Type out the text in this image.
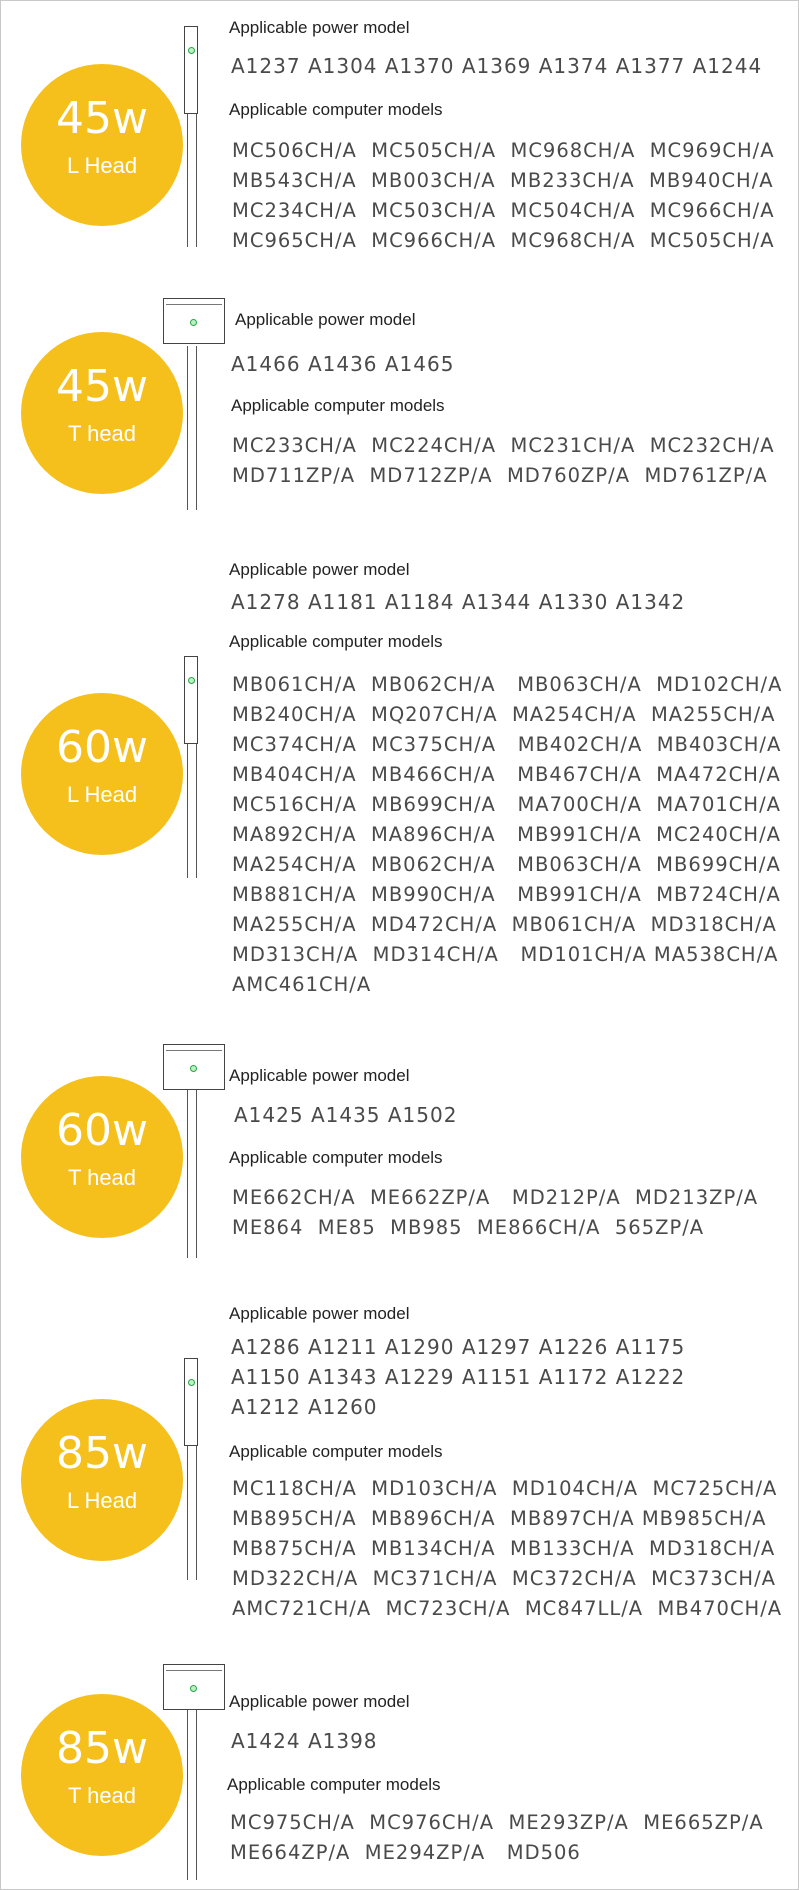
45w
L Head
Applicable power model
A1237 A1304 A1370 A1369 A1374 A1377 A1244
Applicable computer models
MC506CH/A  MC505CH/A  MC968CH/A  MC969CH/A
MB543CH/A  MB003CH/A  MB233CH/A  MB940CH/A
MC234CH/A  MC503CH/A  MC504CH/A  MC966CH/A
MC965CH/A  MC966CH/A  MC968CH/A  MC505CH/A
45w
T head
Applicable power model
A1466 A1436 A1465
Applicable computer models
MC233CH/A  MC224CH/A  MC231CH/A  MC232CH/A
MD711ZP/A  MD712ZP/A  MD760ZP/A  MD761ZP/A
60w
L Head
Applicable power model
A1278 A1181 A1184 A1344 A1330 A1342
Applicable computer models
MB061CH/A  MB062CH/A   MB063CH/A  MD102CH/A
MB240CH/A  MQ207CH/A  MA254CH/A  MA255CH/A
MC374CH/A  MC375CH/A   MB402CH/A  MB403CH/A
MB404CH/A  MB466CH/A   MB467CH/A  MA472CH/A
MC516CH/A  MB699CH/A   MA700CH/A  MA701CH/A
MA892CH/A  MA896CH/A   MB991CH/A  MC240CH/A
MA254CH/A  MB062CH/A   MB063CH/A  MB699CH/A
MB881CH/A  MB990CH/A   MB991CH/A  MB724CH/A
MA255CH/A  MD472CH/A  MB061CH/A  MD318CH/A
MD313CH/A  MD314CH/A   MD101CH/A MA538CH/A
AMC461CH/A
60w
T head
Applicable power model
A1425 A1435 A1502
Applicable computer models
ME662CH/A  ME662ZP/A   MD212P/A  MD213ZP/A
ME864  ME85  MB985  ME866CH/A  565ZP/A
85w
L Head
Applicable power model
A1286 A1211 A1290 A1297 A1226 A1175
A1150 A1343 A1229 A1151 A1172 A1222
A1212 A1260
Applicable computer models
MC118CH/A  MD103CH/A  MD104CH/A  MC725CH/A
MB895CH/A  MB896CH/A  MB897CH/A MB985CH/A
MB875CH/A  MB134CH/A  MB133CH/A  MD318CH/A
MD322CH/A  MC371CH/A  MC372CH/A  MC373CH/A
AMC721CH/A  MC723CH/A  MC847LL/A  MB470CH/A
85w
T head
Applicable power model
A1424 A1398
Applicable computer models
MC975CH/A  MC976CH/A  ME293ZP/A  ME665ZP/A
ME664ZP/A  ME294ZP/A   MD506
